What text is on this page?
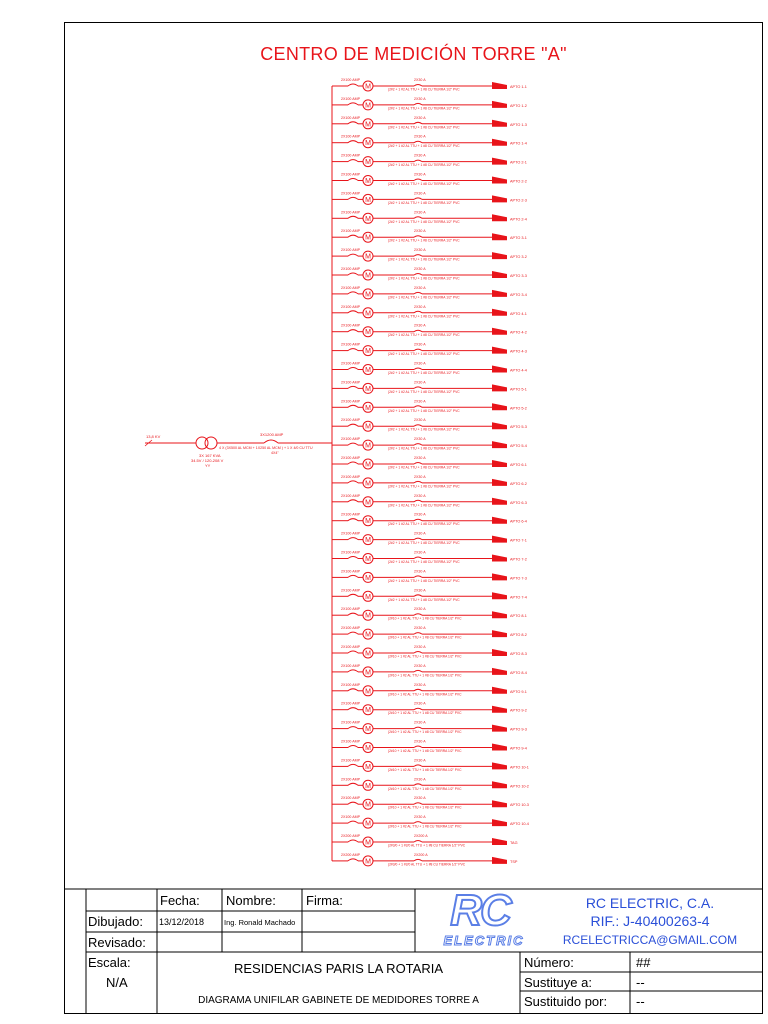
CENTRO DE MEDICIÓN TORRE "A"
13,8 KV
3X 167 KVA
34.5V / 120-208 V
YY
3X1200 AMP
4 X (3X500 AL MCM + 1X250 AL MCM ) + 1 X 4/0 CU TTU
4X4"
M
2X100 AMP	2X30 A
(2#2 + 1 #2 AL TTU + 1 #8 CU TIERRA 1/2" PVC
APTO 1-1
M
2X100 AMP	2X30 A
(2#2 + 1 #2 AL TTU + 1 #8 CU TIERRA 1/2" PVC
APTO 1-2
M
2X100 AMP	2X30 A
(2#2 + 1 #2 AL TTU + 1 #8 CU TIERRA 1/2" PVC
APTO 1-3
M
2X100 AMP	2X30 A
(2#2 + 1 #2 AL TTU + 1 #8 CU TIERRA 1/2" PVC
APTO 1-4
M
2X100 AMP	2X30 A
(2#2 + 1 #2 AL TTU + 1 #8 CU TIERRA 1/2" PVC
APTO 2-1
M
2X100 AMP	2X30 A
(2#2 + 1 #2 AL TTU + 1 #8 CU TIERRA 1/2" PVC
APTO 2-2
M
2X100 AMP	2X30 A
(2#2 + 1 #2 AL TTU + 1 #8 CU TIERRA 1/2" PVC
APTO 2-3
M
2X100 AMP	2X30 A
(2#2 + 1 #2 AL TTU + 1 #8 CU TIERRA 1/2" PVC
APTO 2-4
M
2X100 AMP	2X30 A
(2#2 + 1 #2 AL TTU + 1 #8 CU TIERRA 1/2" PVC
APTO 3-1
M
2X100 AMP	2X30 A
(2#2 + 1 #2 AL TTU + 1 #8 CU TIERRA 1/2" PVC
APTO 3-2
M
2X100 AMP	2X30 A
(2#2 + 1 #2 AL TTU + 1 #8 CU TIERRA 1/2" PVC
APTO 3-3
M
2X100 AMP	2X30 A
(2#2 + 1 #2 AL TTU + 1 #8 CU TIERRA 1/2" PVC
APTO 3-4
M
2X100 AMP	2X30 A
(2#2 + 1 #2 AL TTU + 1 #8 CU TIERRA 1/2" PVC
APTO 4-1
M
2X100 AMP	2X30 A
(2#2 + 1 #2 AL TTU + 1 #8 CU TIERRA 1/2" PVC
APTO 4-2
M
2X100 AMP	2X30 A
(2#2 + 1 #2 AL TTU + 1 #8 CU TIERRA 1/2" PVC
APTO 4-3
M
2X100 AMP	2X30 A
(2#2 + 1 #2 AL TTU + 1 #8 CU TIERRA 1/2" PVC
APTO 4-4
M
2X100 AMP	2X30 A
(2#2 + 1 #2 AL TTU + 1 #8 CU TIERRA 1/2" PVC
APTO 5-1
M
2X100 AMP	2X30 A
(2#2 + 1 #2 AL TTU + 1 #8 CU TIERRA 1/2" PVC
APTO 5-2
M
2X100 AMP	2X30 A
(2#2 + 1 #2 AL TTU + 1 #8 CU TIERRA 1/2" PVC
APTO 5-3
M
2X100 AMP	2X30 A
(2#2 + 1 #2 AL TTU + 1 #8 CU TIERRA 1/2" PVC
APTO 5-4
M
2X100 AMP	2X30 A
(2#2 + 1 #2 AL TTU + 1 #8 CU TIERRA 1/2" PVC
APTO 6-1
M
2X100 AMP	2X30 A
(2#2 + 1 #2 AL TTU + 1 #8 CU TIERRA 1/2" PVC
APTO 6-2
M
2X100 AMP	2X30 A
(2#2 + 1 #2 AL TTU + 1 #8 CU TIERRA 1/2" PVC
APTO 6-3
M
2X100 AMP	2X30 A
(2#2 + 1 #2 AL TTU + 1 #8 CU TIERRA 1/2" PVC
APTO 6-4
M
2X100 AMP	2X30 A
(2#2 + 1 #2 AL TTU + 1 #8 CU TIERRA 1/2" PVC
APTO 7-1
M
2X100 AMP	2X30 A
(2#2 + 1 #2 AL TTU + 1 #8 CU TIERRA 1/2" PVC
APTO 7-2
M
2X100 AMP	2X30 A
(2#2 + 1 #2 AL TTU + 1 #8 CU TIERRA 1/2" PVC
APTO 7-3
M
2X100 AMP	2X30 A
(2#2 + 1 #2 AL TTU + 1 #8 CU TIERRA 1/2" PVC
APTO 7-4
M
2X100 AMP	2X30 A
(2#10 + 1 #2 AL TTU + 1 #8 CU TIERRA 1/2" PVC
APTO 8-1
M
2X100 AMP	2X30 A
(2#10 + 1 #2 AL TTU + 1 #8 CU TIERRA 1/2" PVC
APTO 8-2
M
2X100 AMP	2X30 A
(2#10 + 1 #2 AL TTU + 1 #8 CU TIERRA 1/2" PVC
APTO 8-3
M
2X100 AMP	2X30 A
(2#10 + 1 #2 AL TTU + 1 #8 CU TIERRA 1/2" PVC
APTO 8-4
M
2X100 AMP	2X30 A
(2#10 + 1 #2 AL TTU + 1 #8 CU TIERRA 1/2" PVC
APTO 9-1
M
2X100 AMP	2X30 A
(2#10 + 1 #2 AL TTU + 1 #8 CU TIERRA 1/2" PVC
APTO 9-2
M
2X100 AMP	2X30 A
(2#10 + 1 #2 AL TTU + 1 #8 CU TIERRA 1/2" PVC
APTO 9-3
M
2X100 AMP	2X30 A
(2#10 + 1 #2 AL TTU + 1 #8 CU TIERRA 1/2" PVC
APTO 9-4
M
2X100 AMP	2X30 A
(2#10 + 1 #2 AL TTU + 1 #8 CU TIERRA 1/2" PVC
APTO 10-1
M
2X100 AMP	2X30 A
(2#10 + 1 #2 AL TTU + 1 #8 CU TIERRA 1/2" PVC
APTO 10-2
M
2X100 AMP	2X30 A
(2#10 + 1 #2 AL TTU + 1 #8 CU TIERRA 1/2" PVC
APTO 10-3
M
2X100 AMP	2X30 A
(2#10 + 1 #2 AL TTU + 1 #8 CU TIERRA 1/2" PVC
APTO 10-4
M
2X200 AMP	2X200 A
(2#3/0 + 1 #2/0 AL TTU + 1 #8 CU TIERRA 1/2" PVC
TAG
M
2X200 AMP	2X200 A
(2#3/0 + 1 #2/0 AL TTU + 1 #8 CU TIERRA 1/2" PVC
TSP
Fecha: Nombre: Firma:
Dibujado: 13/12/2018	Ing. Ronald Machado
Revisado:
Escala:
N/A
RESIDENCIAS PARIS LA ROTARIA
DIAGRAMA UNIFILAR GABINETE DE MEDIDORES TORRE A
Número:	##
Sustituye a:	--
Sustituido por: --
RC
ELECTRIC
RC ELECTRIC, C.A.
RIF.: J-40400263-4
RCELECTRICCA@GMAIL.COM
